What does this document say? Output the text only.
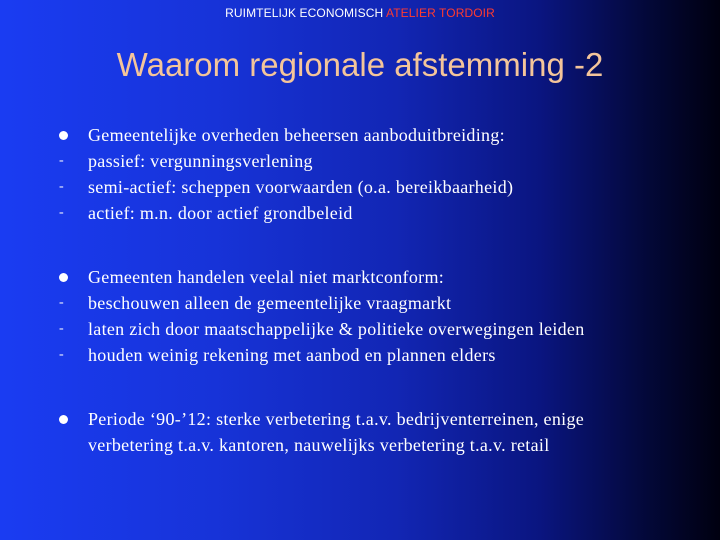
RUIMTELIJK ECONOMISCH ATELIER TORDOIR
Waarom regionale afstemming -2
Gemeentelijke overheden beheersen aanboduitbreiding:
- passief: vergunningsverlening
- semi-actief: scheppen voorwaarden (o.a. bereikbaarheid)
- actief: m.n. door actief grondbeleid
Gemeenten handelen veelal niet marktconform:
- beschouwen alleen de gemeentelijke vraagmarkt
- laten zich door maatschappelijke & politieke overwegingen leiden
- houden weinig rekening met aanbod en plannen elders
Periode ‘90-’12: sterke verbetering t.a.v. bedrijventerreinen, enige
verbetering t.a.v. kantoren, nauwelijks verbetering t.a.v. retail
